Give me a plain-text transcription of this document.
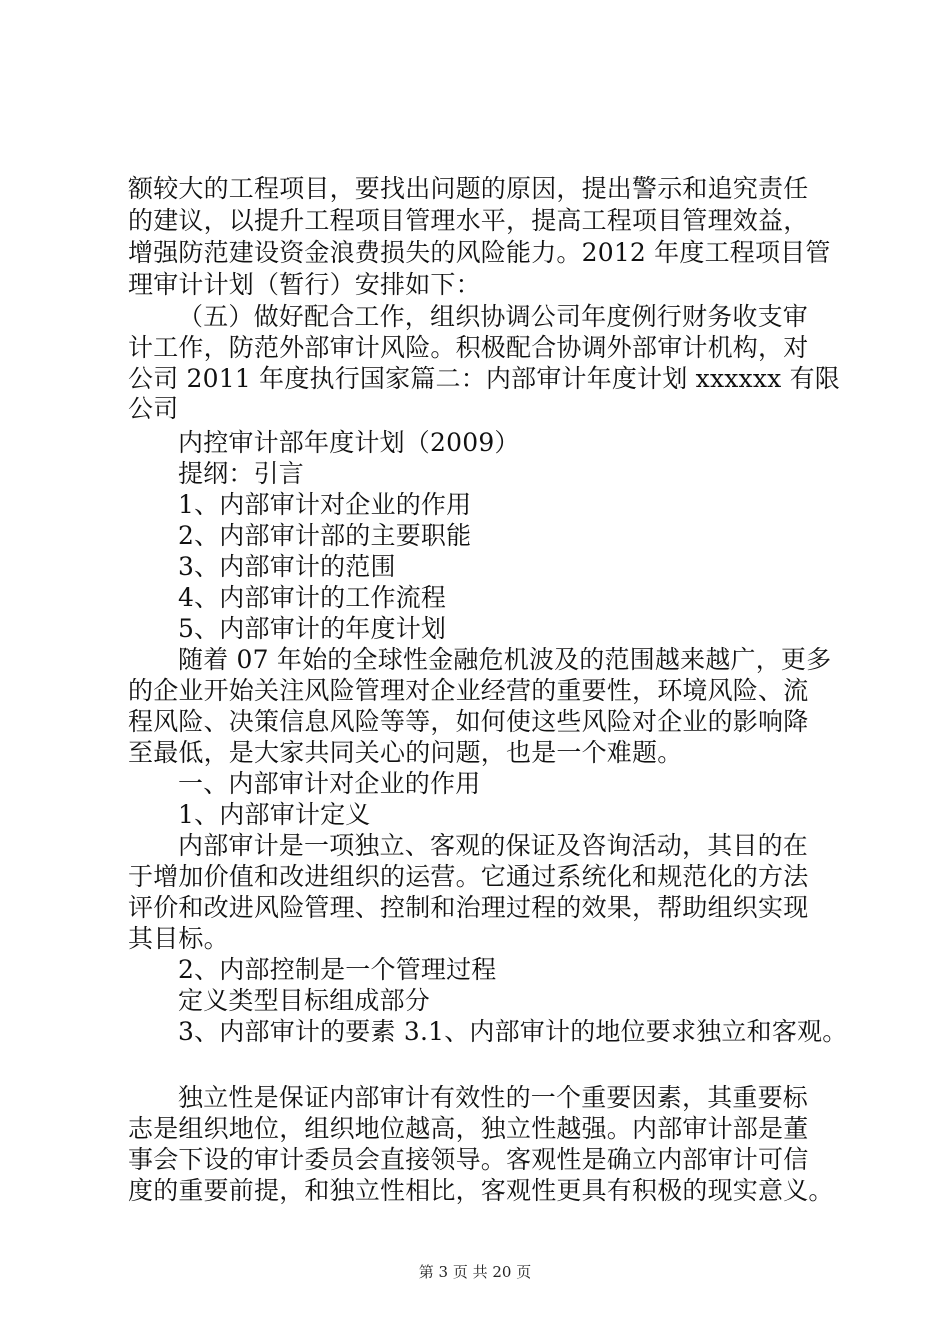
额较大的工程项目，要找出问题的原因，提出警示和追究责任
的建议，以提升工程项目管理水平，提高工程项目管理效益，
增强防范建设资金浪费损失的风险能力。2012 年度工程项目管
理审计计划（暂行）安排如下：
（五）做好配合工作，组织协调公司年度例行财务收支审
计工作，防范外部审计风险。积极配合协调外部审计机构，对
公司 2011 年度执行国家篇二：内部审计年度计划 xxxxxx 有限
公司
内控审计部年度计划（2009）
提纲：引言
1、内部审计对企业的作用
2、内部审计部的主要职能
3、内部审计的范围
4、内部审计的工作流程
5、内部审计的年度计划
随着 07 年始的全球性金融危机波及的范围越来越广，更多
的企业开始关注风险管理对企业经营的重要性，环境风险、流
程风险、决策信息风险等等，如何使这些风险对企业的影响降
至最低，是大家共同关心的问题，也是一个难题。
一、内部审计对企业的作用
1、内部审计定义
内部审计是一项独立、客观的保证及咨询活动，其目的在
于增加价值和改进组织的运营。它通过系统化和规范化的方法
评价和改进风险管理、控制和治理过程的效果，帮助组织实现
其目标。
2、内部控制是一个管理过程
定义类型目标组成部分
3、内部审计的要素 3.1、内部审计的地位要求独立和客观。
独立性是保证内部审计有效性的一个重要因素，其重要标
志是组织地位，组织地位越高，独立性越强。内部审计部是董
事会下设的审计委员会直接领导。客观性是确立内部审计可信
度的重要前提，和独立性相比，客观性更具有积极的现实意义。
第 3 页 共 20 页
